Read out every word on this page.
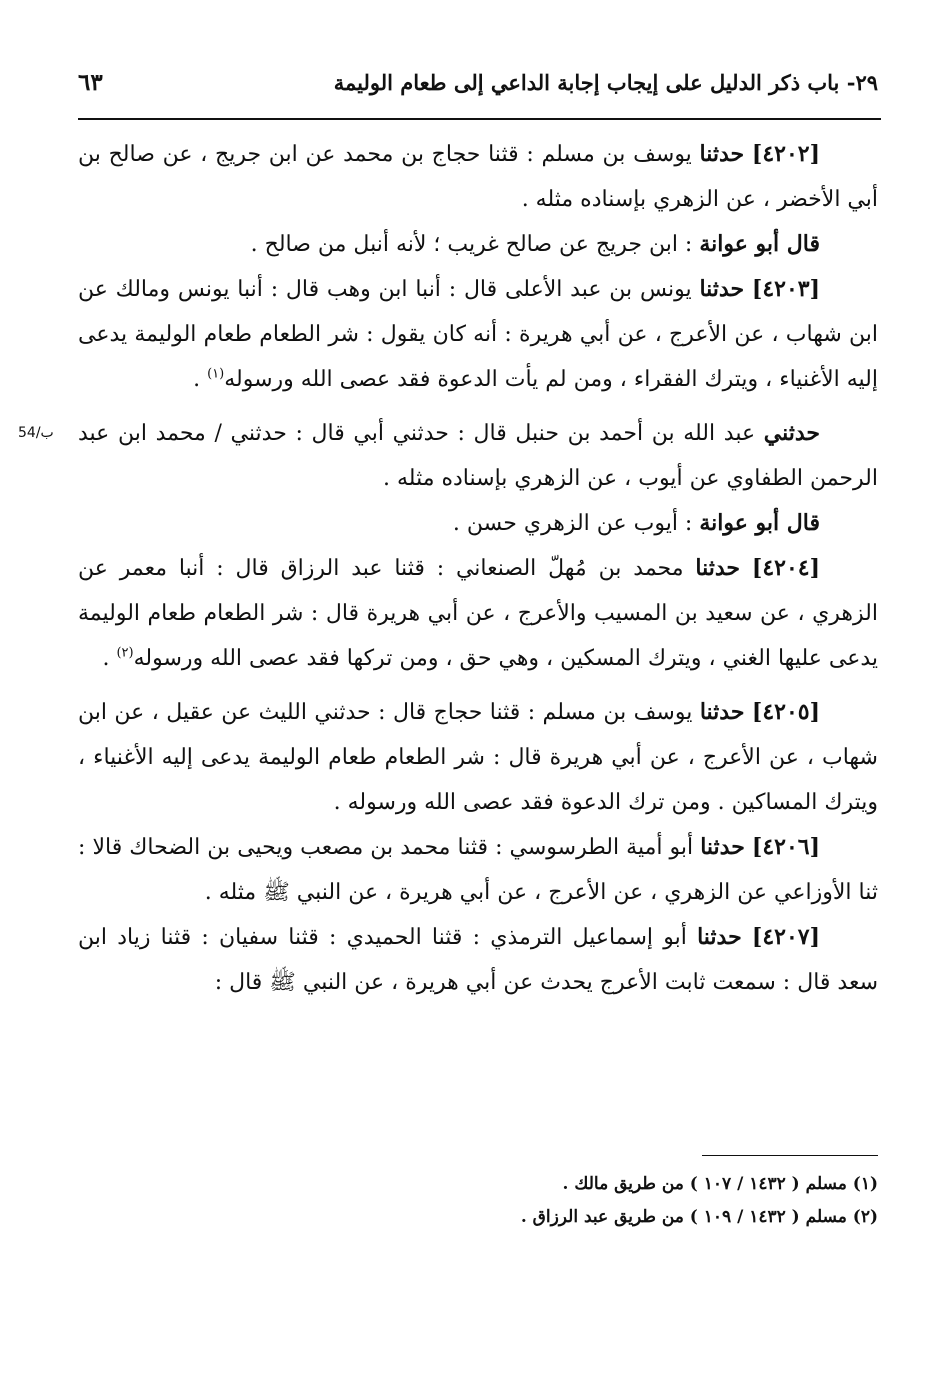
٦٣	٢٩- باب ذكر الدليل على إيجاب إجابة الداعي إلى طعام الوليمة

[٤٢٠٢] حدثنا يوسف بن مسلم : قثنا حجاج بن محمد عن ابن جريج ، عن صالح بن أبي الأخضر ، عن الزهري بإسناده مثله .

قال أبو عوانة : ابن جريج عن صالح غريب ؛ لأنه أنبل من صالح .

[٤٢٠٣] حدثنا يونس بن عبد الأعلى قال : أنبا ابن وهب قال : أنبا يونس ومالك عن ابن شهاب ، عن الأعرج ، عن أبي هريرة : أنه كان يقول : شر الطعام طعام الوليمة يدعى إليه الأغنياء ، ويترك الفقراء ، ومن لم يأت الدعوة فقد عصى الله ورسوله$^{(١)}$ .

54/ب	حدثني عبد الله بن أحمد بن حنبل قال : حدثني أبي قال : حدثني / محمد ابن عبد الرحمن الطفاوي عن أيوب ، عن الزهري بإسناده مثله .

قال أبو عوانة : أيوب عن الزهري حسن .

[٤٢٠٤] حدثنا محمد بن مُهلّ الصنعاني : قثنا عبد الرزاق قال : أنبا معمر عن الزهري ، عن سعيد بن المسيب والأعرج ، عن أبي هريرة قال : شر الطعام طعام الوليمة يدعى عليها الغني ، ويترك المسكين ، وهي حق ، ومن تركها فقد عصى الله ورسوله$^{(٢)}$ .

[٤٢٠٥] حدثنا يوسف بن مسلم : قثنا حجاج قال : حدثني الليث عن عقيل ، عن ابن شهاب ، عن الأعرج ، عن أبي هريرة قال : شر الطعام طعام الوليمة يدعى إليه الأغنياء ، ويترك المساكين . ومن ترك الدعوة فقد عصى الله ورسوله .

[٤٢٠٦] حدثنا أبو أمية الطرسوسي : قثنا محمد بن مصعب ويحيى بن الضحاك قالا : ثنا الأوزاعي عن الزهري ، عن الأعرج ، عن أبي هريرة ، عن النبي ﷺ مثله .

[٤٢٠٧] حدثنا أبو إسماعيل الترمذي : قثنا الحميدي : قثنا سفيان : قثنا زياد ابن سعد قال : سمعت ثابت الأعرج يحدث عن أبي هريرة ، عن النبي ﷺ قال :

(١) مسلم ( ١٤٣٢ / ١٠٧ ) من طريق مالك .

(٢) مسلم ( ١٤٣٢ / ١٠٩ ) من طريق عبد الرزاق .
